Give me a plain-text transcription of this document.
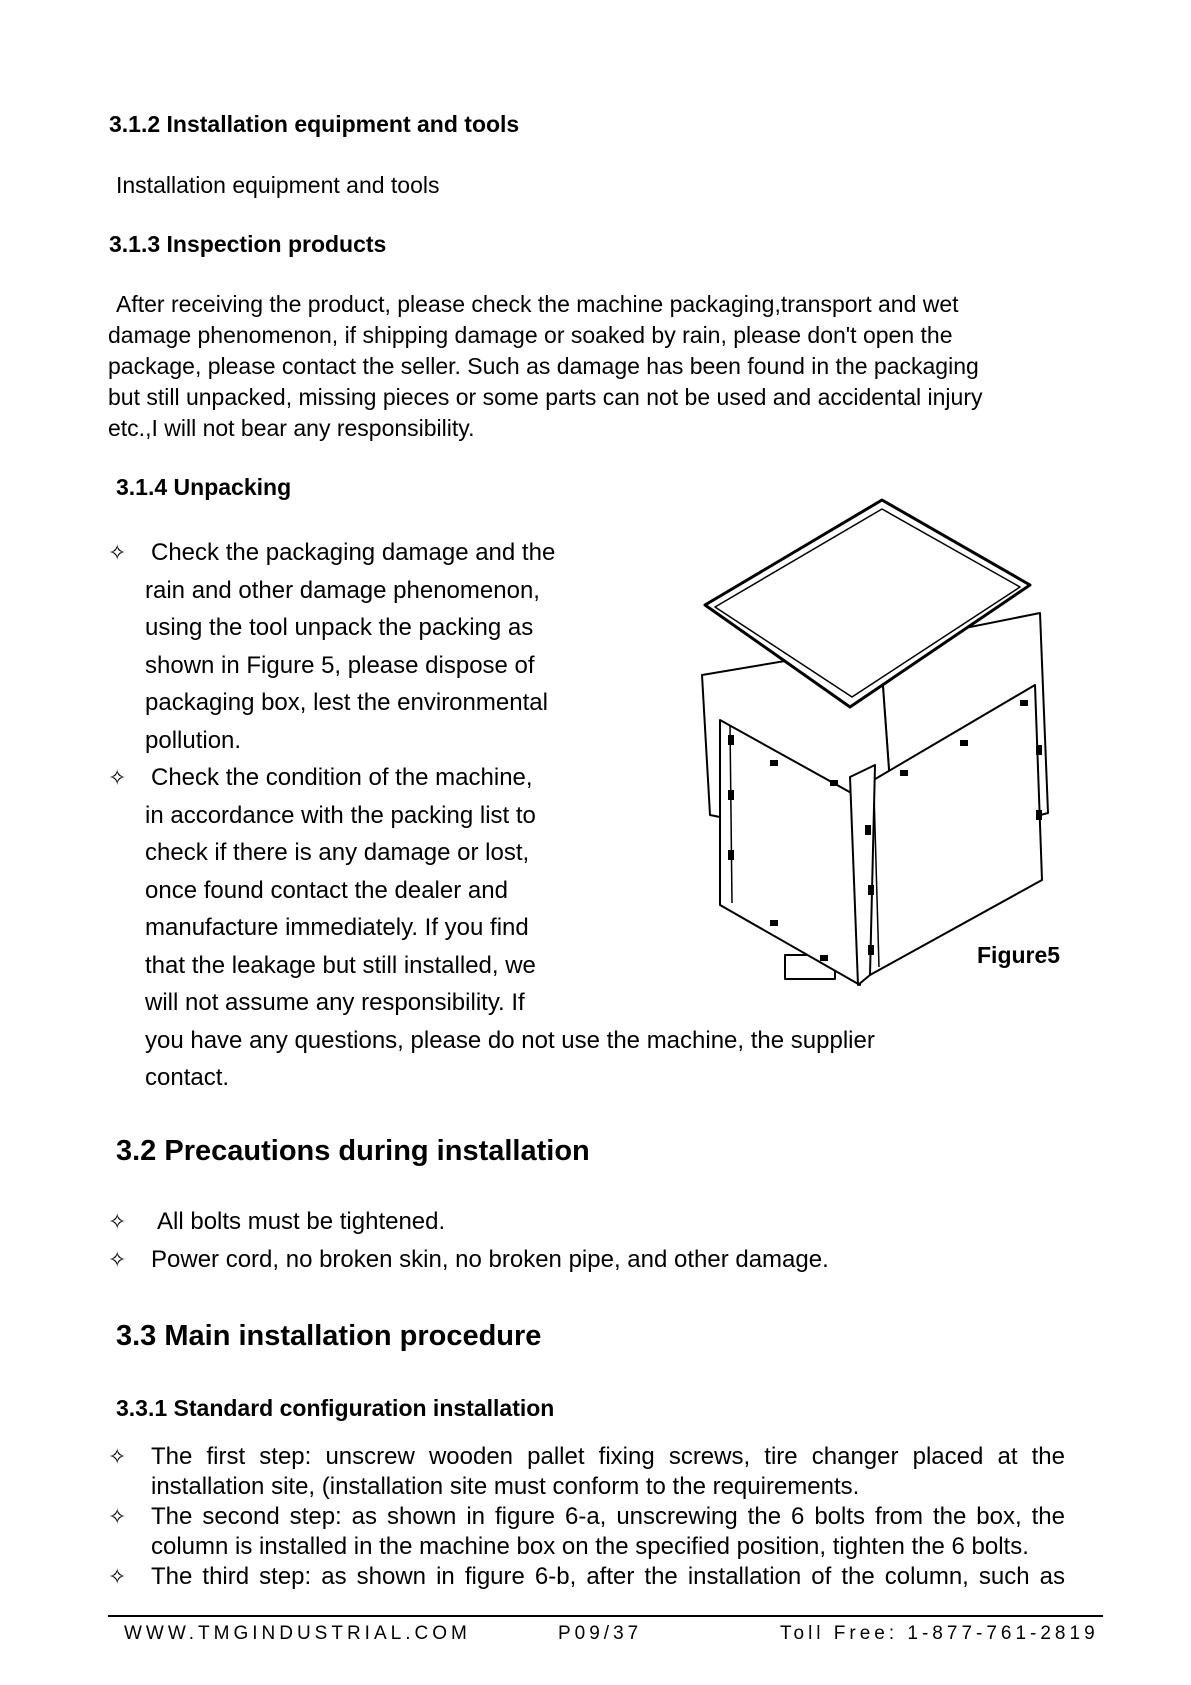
3.1.2 Installation equipment and tools
Installation equipment and tools
3.1.3 Inspection products
After receiving the product, please check the machine packaging,transport and wet
damage phenomenon, if shipping damage or soaked by rain, please don't open the
package, please contact the seller. Such as damage has been found in the packaging
but still unpacked, missing pieces or some parts can not be used and accidental injury
etc.,I will not bear any responsibility.
3.1.4 Unpacking
✧	Check the packaging damage and the
rain and other damage phenomenon,
using the tool unpack the packing as
shown in Figure 5, please dispose of
packaging box, lest the environmental
pollution.
✧	Check the condition of the machine,
in accordance with the packing list to
check if there is any damage or lost,
once found contact the dealer and
manufacture immediately. If you find
that the leakage but still installed, we
will not assume any responsibility. If
you have any questions, please do not use the machine, the supplier
contact.
Figure5
3.2 Precautions during installation
✧	All bolts must be tightened.
✧	Power cord, no broken skin, no broken pipe, and other damage.
3.3 Main installation procedure
3.3.1 Standard configuration installation
✧	The first step: unscrew wooden pallet fixing screws, tire changer placed at the
installation site, (installation site must conform to the requirements.
✧	The second step: as shown in figure 6-a, unscrewing the 6 bolts from the box, the
column is installed in the machine box on the specified position, tighten the 6 bolts.
✧	The third step: as shown in figure 6-b, after the installation of the column, such as
WWW.TMGINDUSTRIAL.COM	P09/37	Toll Free: 1-877-761-2819
